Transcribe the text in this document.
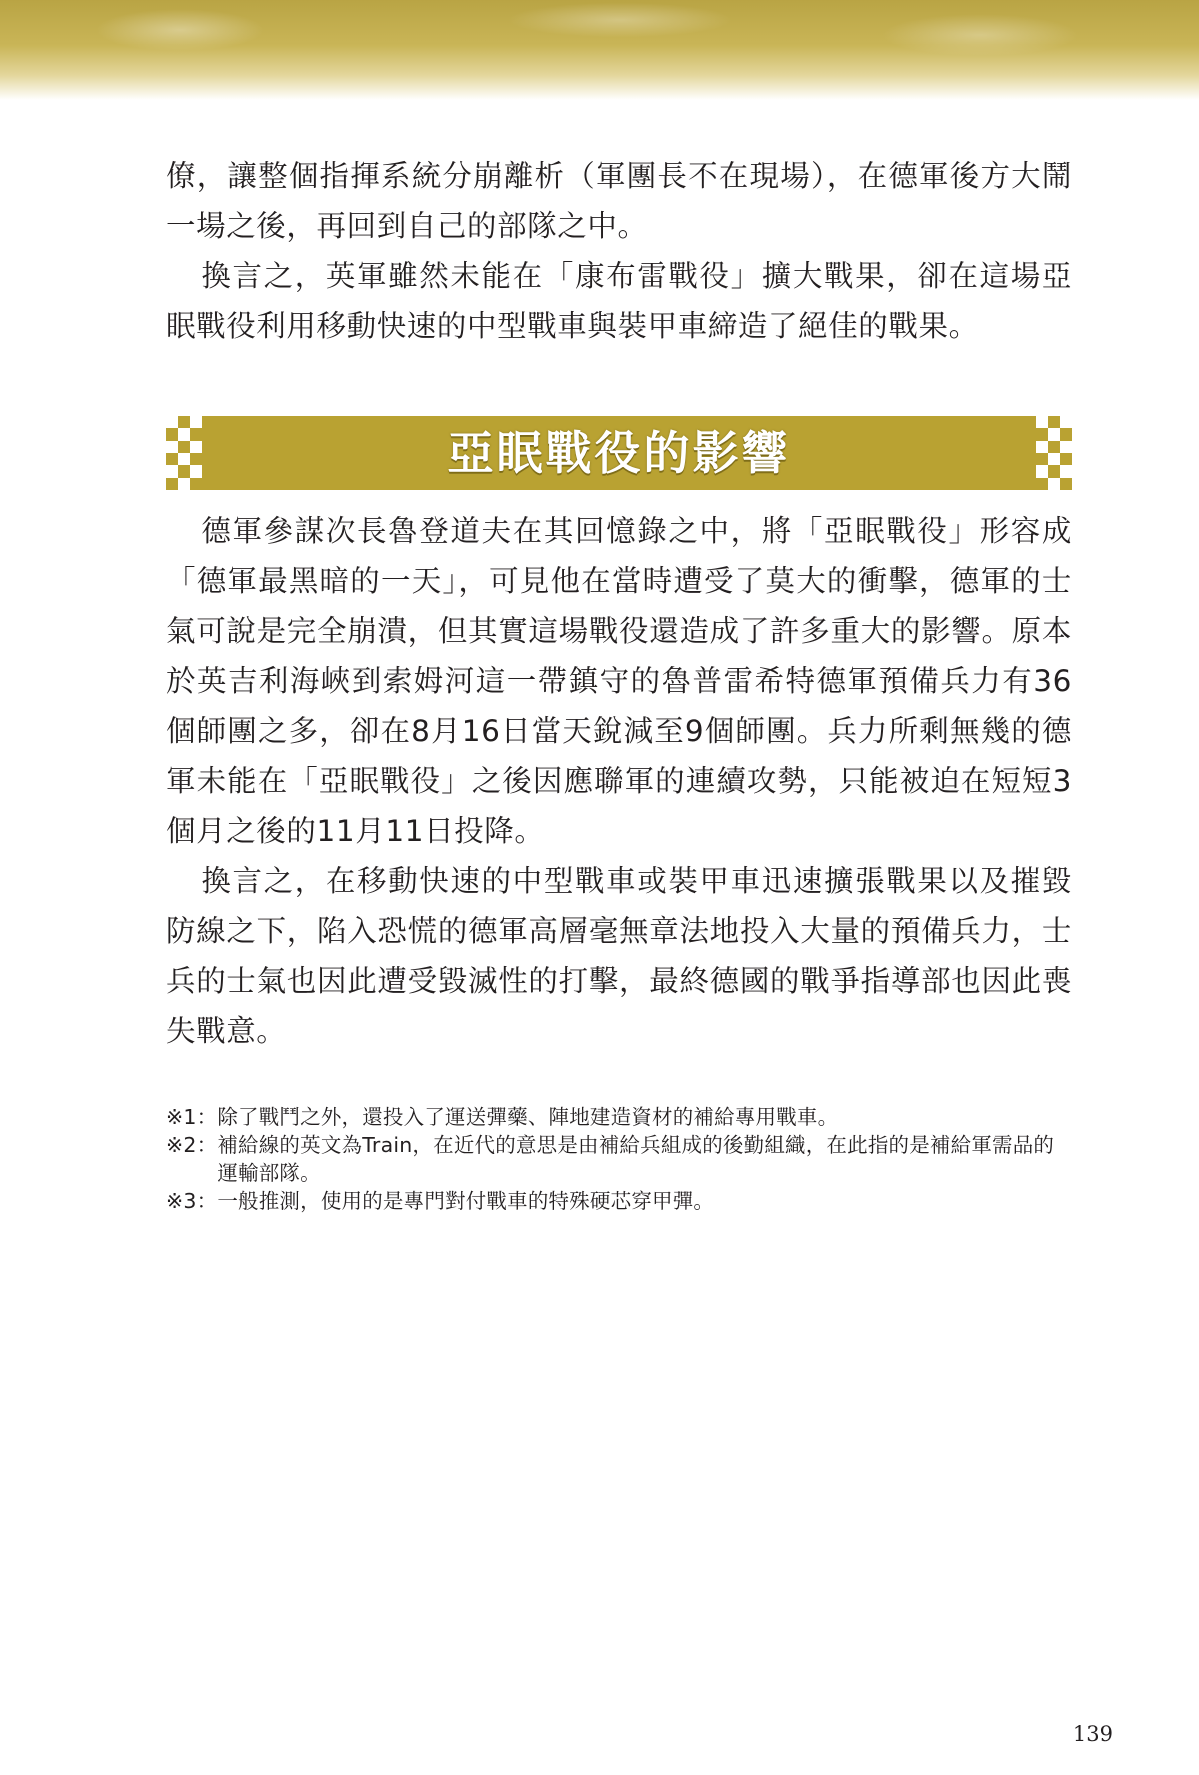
僚，讓整個指揮系統分崩離析（軍團長不在現場），在德軍後方大鬧一場之後，再回到自己的部隊之中。

換言之，英軍雖然未能在「康布雷戰役」擴大戰果，卻在這場亞眠戰役利用移動快速的中型戰車與裝甲車締造了絕佳的戰果。

亞眠戰役的影響

德軍參謀次長魯登道夫在其回憶錄之中，將「亞眠戰役」形容成「德軍最黑暗的一天」，可見他在當時遭受了莫大的衝擊，德軍的士氣可說是完全崩潰，但其實這場戰役還造成了許多重大的影響。原本於英吉利海峽到索姆河這一帶鎮守的魯普雷希特德軍預備兵力有36個師團之多，卻在8月16日當天銳減至9個師團。兵力所剩無幾的德軍未能在「亞眠戰役」之後因應聯軍的連續攻勢，只能被迫在短短3個月之後的11月11日投降。

換言之，在移動快速的中型戰車或裝甲車迅速擴張戰果以及摧毀防線之下，陷入恐慌的德軍高層毫無章法地投入大量的預備兵力，士兵的士氣也因此遭受毀滅性的打擊，最終德國的戰爭指導部也因此喪失戰意。

※1： 除了戰鬥之外，還投入了運送彈藥、陣地建造資材的補給專用戰車。
※2： 補給線的英文為Train，在近代的意思是由補給兵組成的後勤組織，在此指的是補給軍需品的運輸部隊。
※3： 一般推測，使用的是專門對付戰車的特殊硬芯穿甲彈。
139
